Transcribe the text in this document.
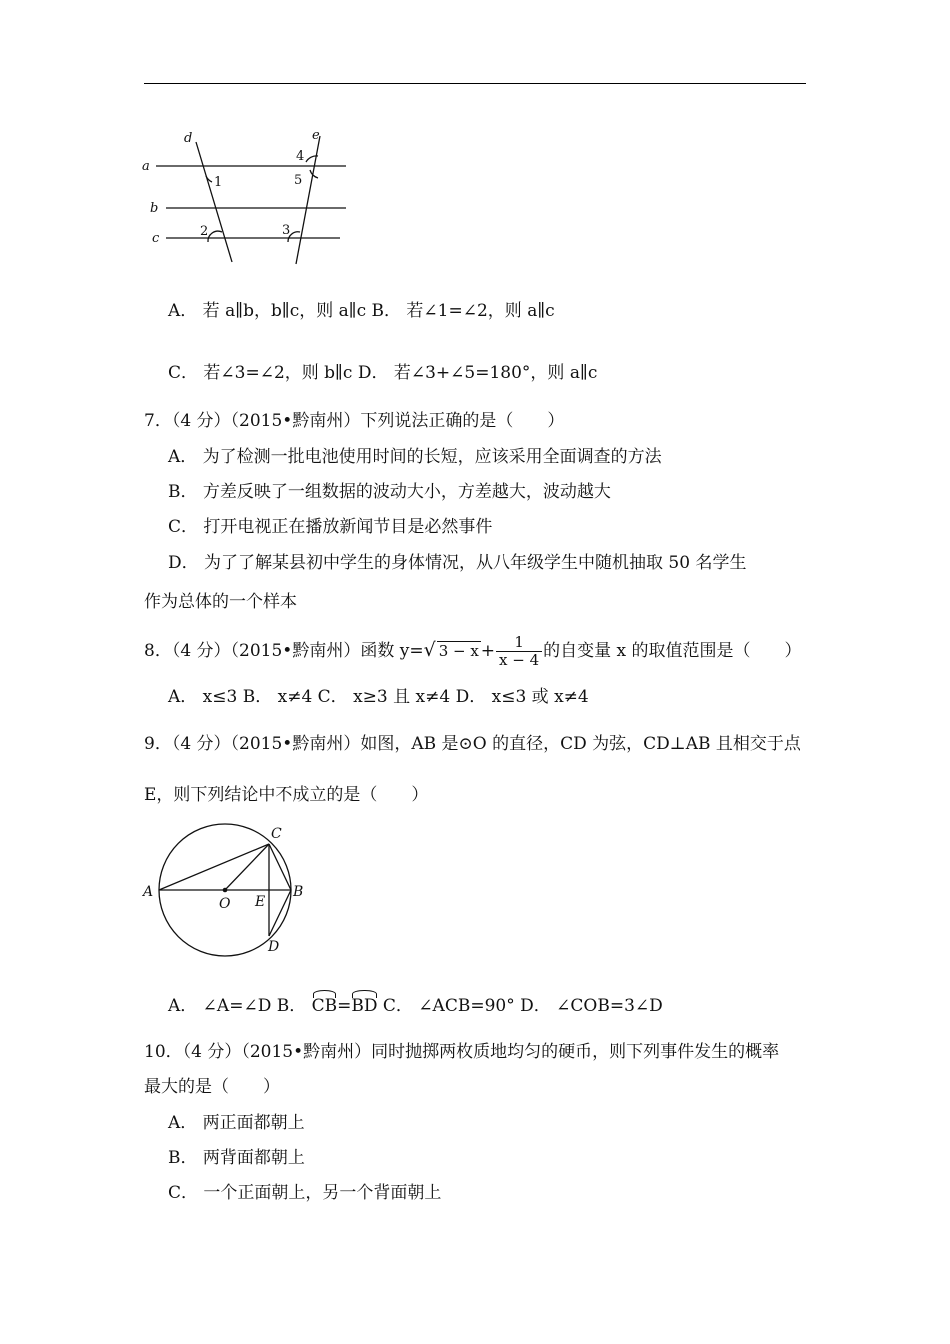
a
b
c
d	e
1
2	3
4
5
A． 若 a∥b，b∥c，则 a∥c B． 若∠1=∠2，则 a∥c
C． 若∠3=∠2，则 b∥c D． 若∠3+∠5=180°，则 a∥c
7．（4 分）（2015•黔南州）下列说法正确的是（　　）
A． 为了检测一批电池使用时间的长短，应该采用全面调查的方法
B． 方差反映了一组数据的波动大小，方差越大，波动越大
C． 打开电视正在播放新闻节目是必然事件
D． 为了了解某县初中学生的身体情况，从八年级学生中随机抽取 50 名学生
作为总体的一个样本
8．（4 分）（2015•黔南州）函数 y=√ $3 - x + \frac{1}{x - 4}$ 的自变量 x 的取值范围是（　　）
A． x≤3 B． x≠4 C． x≥3 且 x≠4 D． x≤3 或 x≠4
9．（4 分）（2015•黔南州）如图，AB 是⊙O 的直径，CD 为弦，CD⊥AB 且相交于点
E，则下列结论中不成立的是（　　）
A	B
C
D
E
O
A． ∠A=∠D B． CB=BD C． ∠ACB=90° D． ∠COB=3∠D
10．（4 分）（2015•黔南州）同时抛掷两枚质地均匀的硬币，则下列事件发生的概率
最大的是（　　）
A． 两正面都朝上
B． 两背面都朝上
C． 一个正面朝上，另一个背面朝上
